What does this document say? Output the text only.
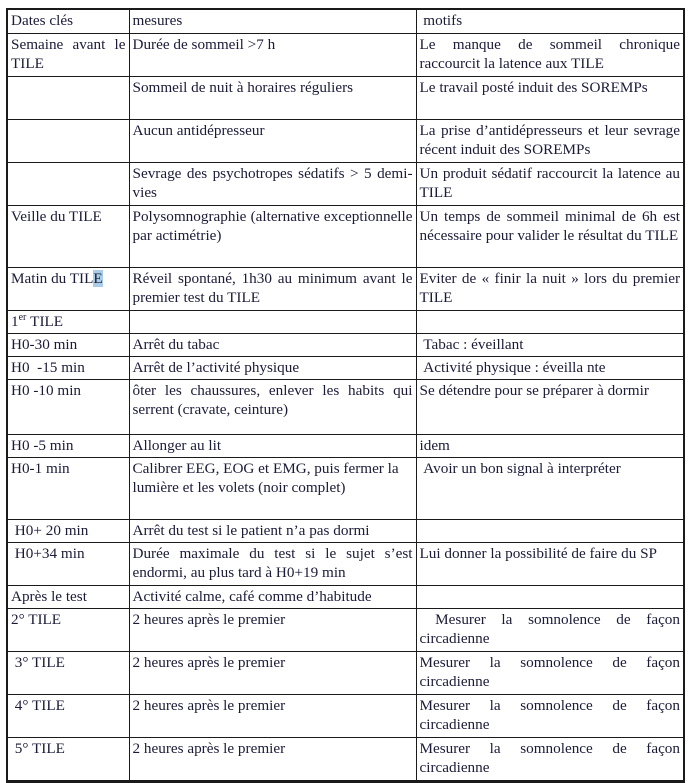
Dates clés	mesures	motifs
Semaine avant le TILE	Durée de sommeil >7 h	Le manque de sommeil chronique raccourcit la latence aux TILE
	Sommeil de nuit à horaires réguliers	Le travail posté induit des SOREMPs
	Aucun antidépresseur	La prise d’antidépresseurs et leur sevrage récent induit des SOREMPs
	Sevrage des psychotropes sédatifs > 5 demi-vies	Un produit sédatif raccourcit la latence au TILE
Veille du TILE	Polysomnographie (alternative exceptionnelle par actimétrie)	Un temps de sommeil minimal de 6h est nécessaire pour valider le résultat du TILE
Matin du TILE	Réveil spontané, 1h30 au minimum avant le premier test du TILE	Eviter de « finir la nuit » lors du premier TILE
1er TILE		
H0-30 min	Arrêt du tabac	Tabac : éveillant
H0  -15 min	Arrêt de l’activité physique	Activité physique : éveilla nte
H0 -10 min	ôter les chaussures, enlever les habits qui serrent (cravate, ceinture)	Se détendre pour se préparer à dormir
H0 -5 min	Allonger au lit	idem
H0-1 min	Calibrer EEG, EOG et EMG, puis fermer la lumière et les volets (noir complet)	Avoir un bon signal à interpréter
H0+ 20 min	Arrêt du test si le patient n’a pas dormi	
H0+34 min	Durée maximale du test si le sujet s’est endormi, au plus tard à H0+19 min	Lui donner la possibilité de faire du SP
Après le test	Activité calme, café comme d’habitude	
2° TILE	2 heures après le premier	Mesurer la somnolence de façon circadienne
3° TILE	2 heures après le premier	Mesurer la somnolence de façon circadienne
4° TILE	2 heures après le premier	Mesurer la somnolence de façon circadienne
5° TILE	2 heures après le premier	Mesurer la somnolence de façon circadienne
